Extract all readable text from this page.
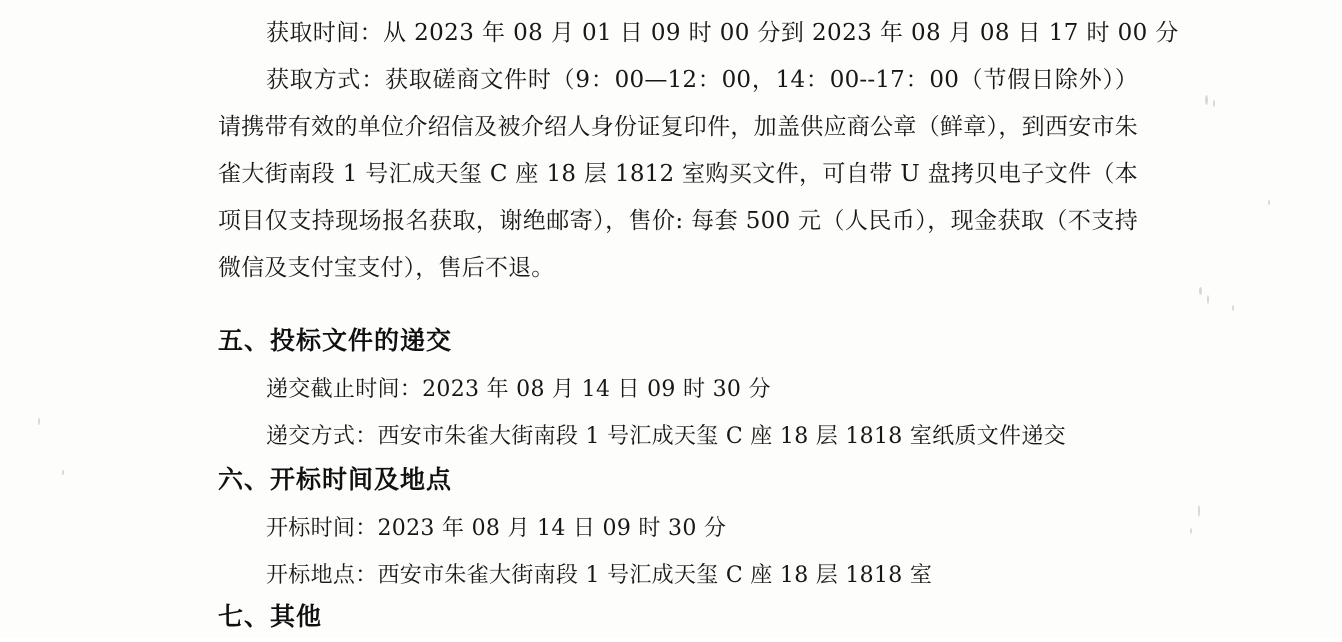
获取时间：从 2023 年 08 月 01 日 09 时 00 分到 2023 年 08 月 08 日 17 时 00 分

获取方式：获取磋商文件时（9：00—12：00，14：00--17：00（节假日除外））请携带有效的单位介绍信及被介绍人身份证复印件，加盖供应商公章（鲜章），到西安市朱雀大街南段 1 号汇成天玺 C 座 18 层 1812 室购买文件，可自带 U 盘拷贝电子文件（本项目仅支持现场报名获取，谢绝邮寄），售价: 每套 500 元（人民币），现金获取（不支持微信及支付宝支付），售后不退。

五、投标文件的递交

递交截止时间：2023 年 08 月 14 日 09 时 30 分

递交方式：西安市朱雀大街南段 1 号汇成天玺 C 座 18 层 1818 室纸质文件递交

六、开标时间及地点

开标时间：2023 年 08 月 14 日 09 时 30 分

开标地点：西安市朱雀大街南段 1 号汇成天玺 C 座 18 层 1818 室

七、其他
